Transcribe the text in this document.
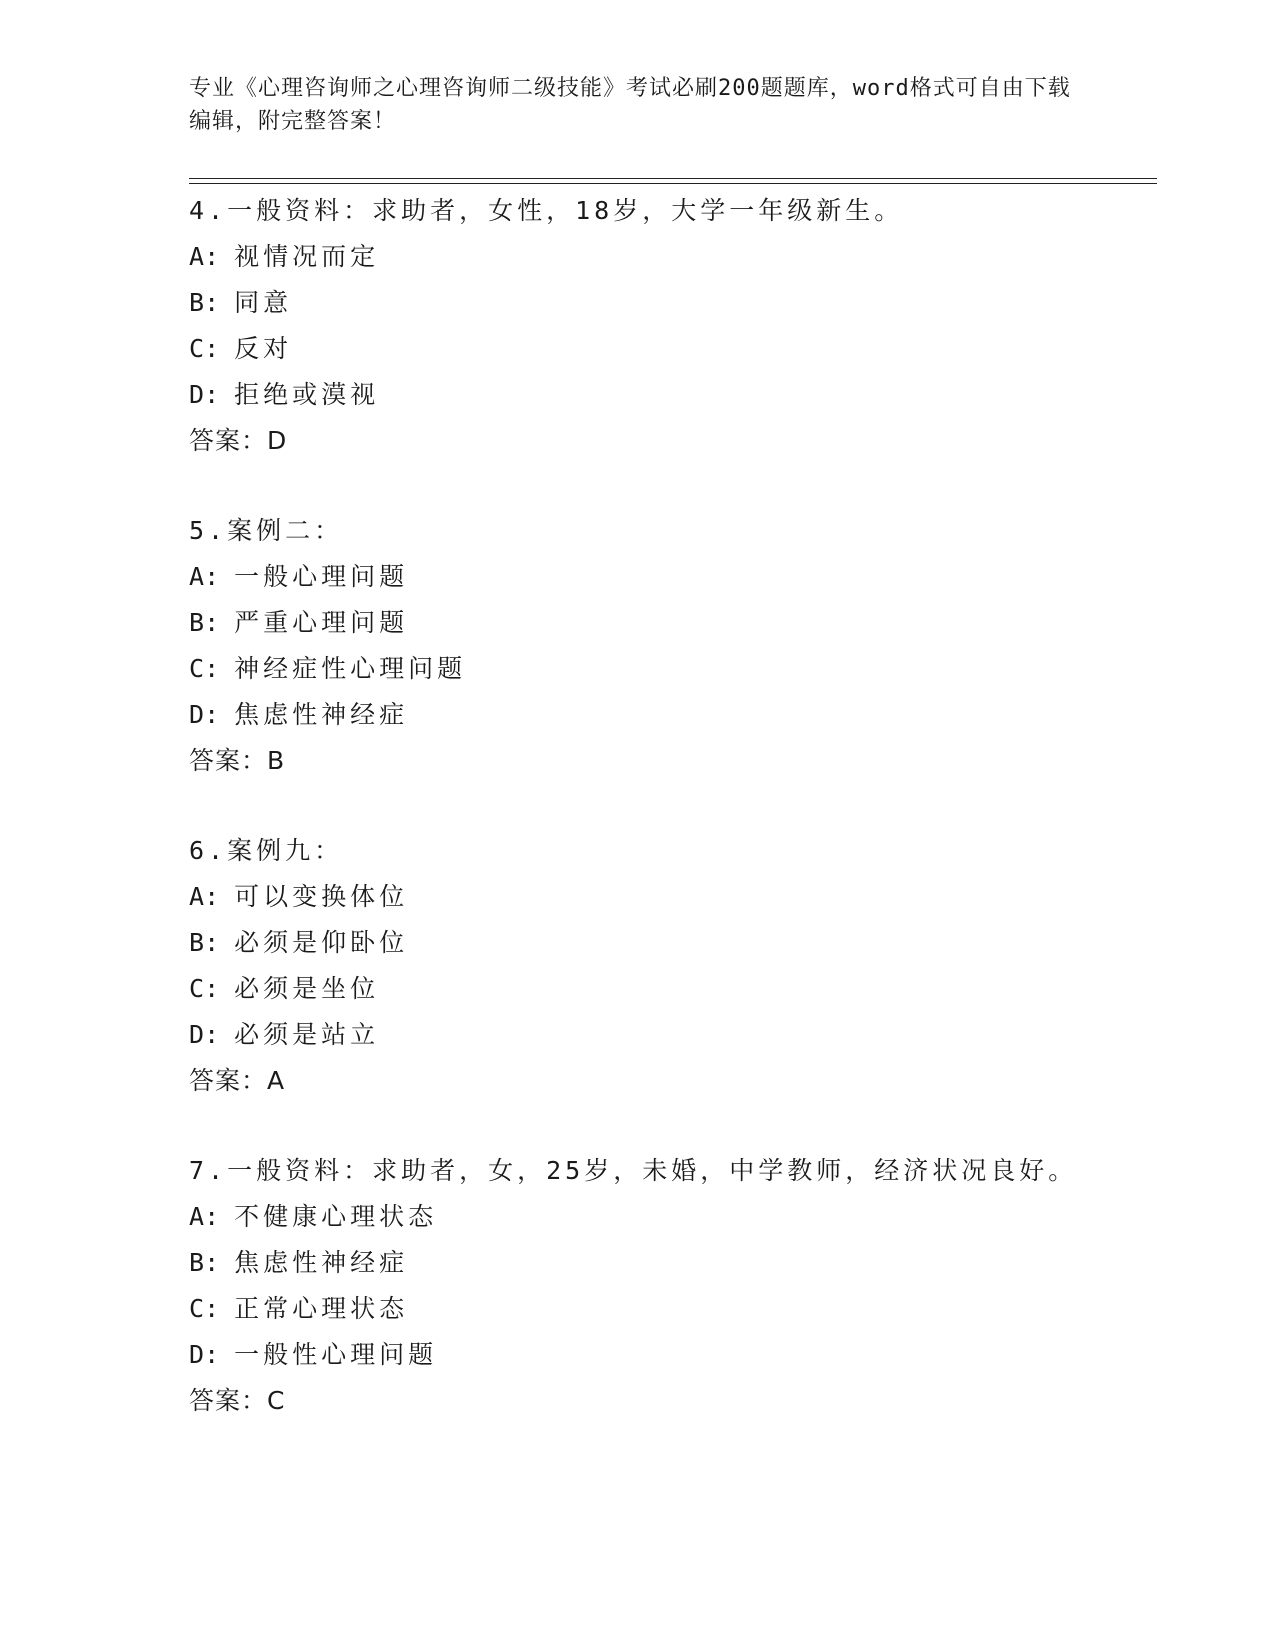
专业《心理咨询师之心理咨询师二级技能》考试必刷200题题库，word格式可自由下载编辑，附完整答案！
4.一般资料：求助者，女性，18岁，大学一年级新生。
A: 视情况而定
B: 同意
C: 反对
D: 拒绝或漠视
答案：D
5.案例二：
A: 一般心理问题
B: 严重心理问题
C: 神经症性心理问题
D: 焦虑性神经症
答案：B
6.案例九：
A: 可以变换体位
B: 必须是仰卧位
C: 必须是坐位
D: 必须是站立
答案：A
7.一般资料：求助者，女，25岁，未婚，中学教师，经济状况良好。
A: 不健康心理状态
B: 焦虑性神经症
C: 正常心理状态
D: 一般性心理问题
答案：C
